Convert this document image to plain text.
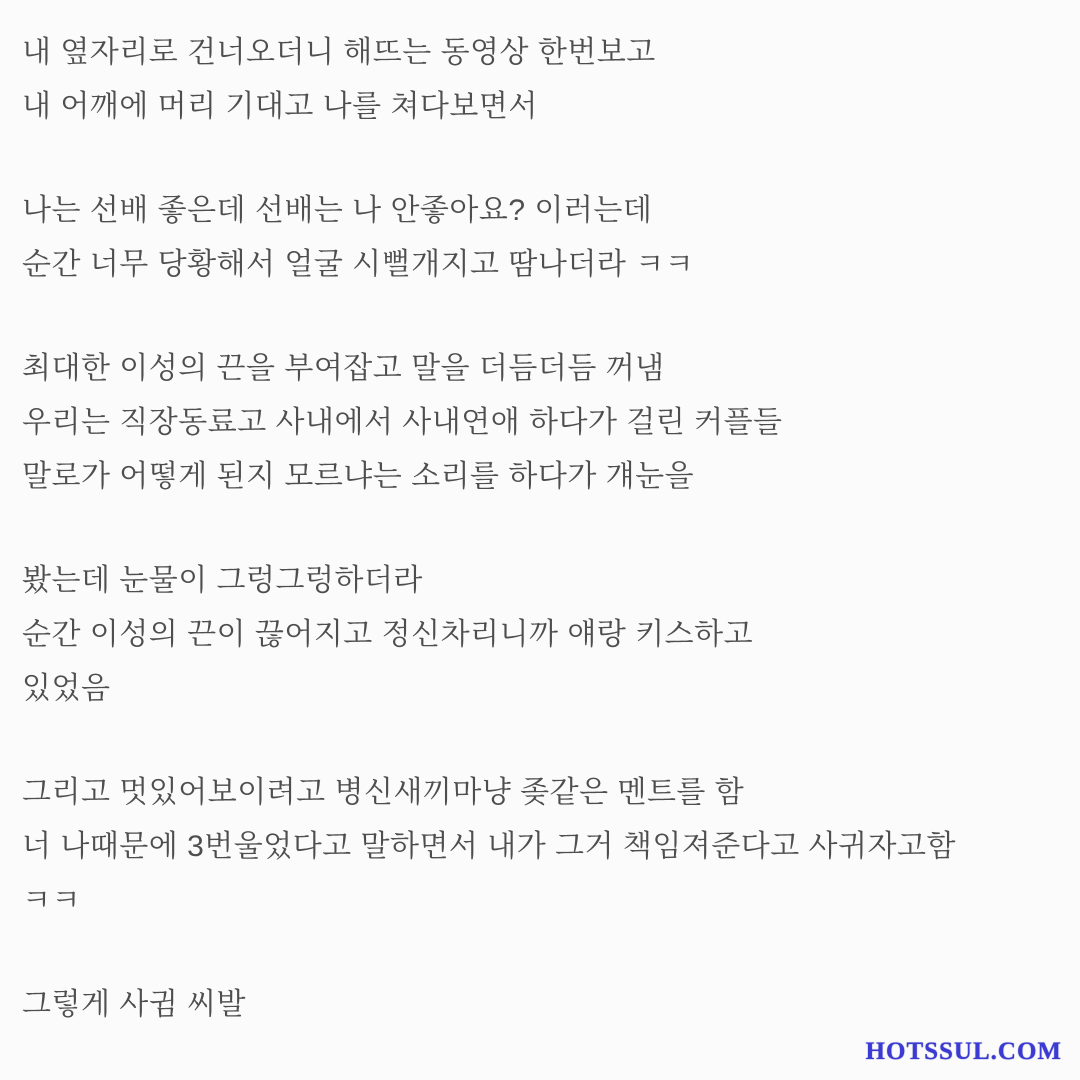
내 옆자리로 건너오더니 해뜨는 동영상 한번보고
내 어깨에 머리 기대고 나를 쳐다보면서

나는 선배 좋은데 선배는 나 안좋아요? 이러는데
순간 너무 당황해서 얼굴 시뻘개지고 땀나더라 ㅋㅋ

최대한 이성의 끈을 부여잡고 말을 더듬더듬 꺼냄
우리는 직장동료고 사내에서 사내연애 하다가 걸린 커플들
말로가 어떻게 된지 모르냐는 소리를 하다가 걔눈을

봤는데 눈물이 그렁그렁하더라
순간 이성의 끈이 끊어지고 정신차리니까 얘랑 키스하고
있었음

그리고 멋있어보이려고 병신새끼마냥 좆같은 멘트를 함
너 나때문에 3번울었다고 말하면서 내가 그거 책임져준다고 사귀자고함
ㅋㅋ

그렇게 사귐 씨발

HOTSSUL.COM
